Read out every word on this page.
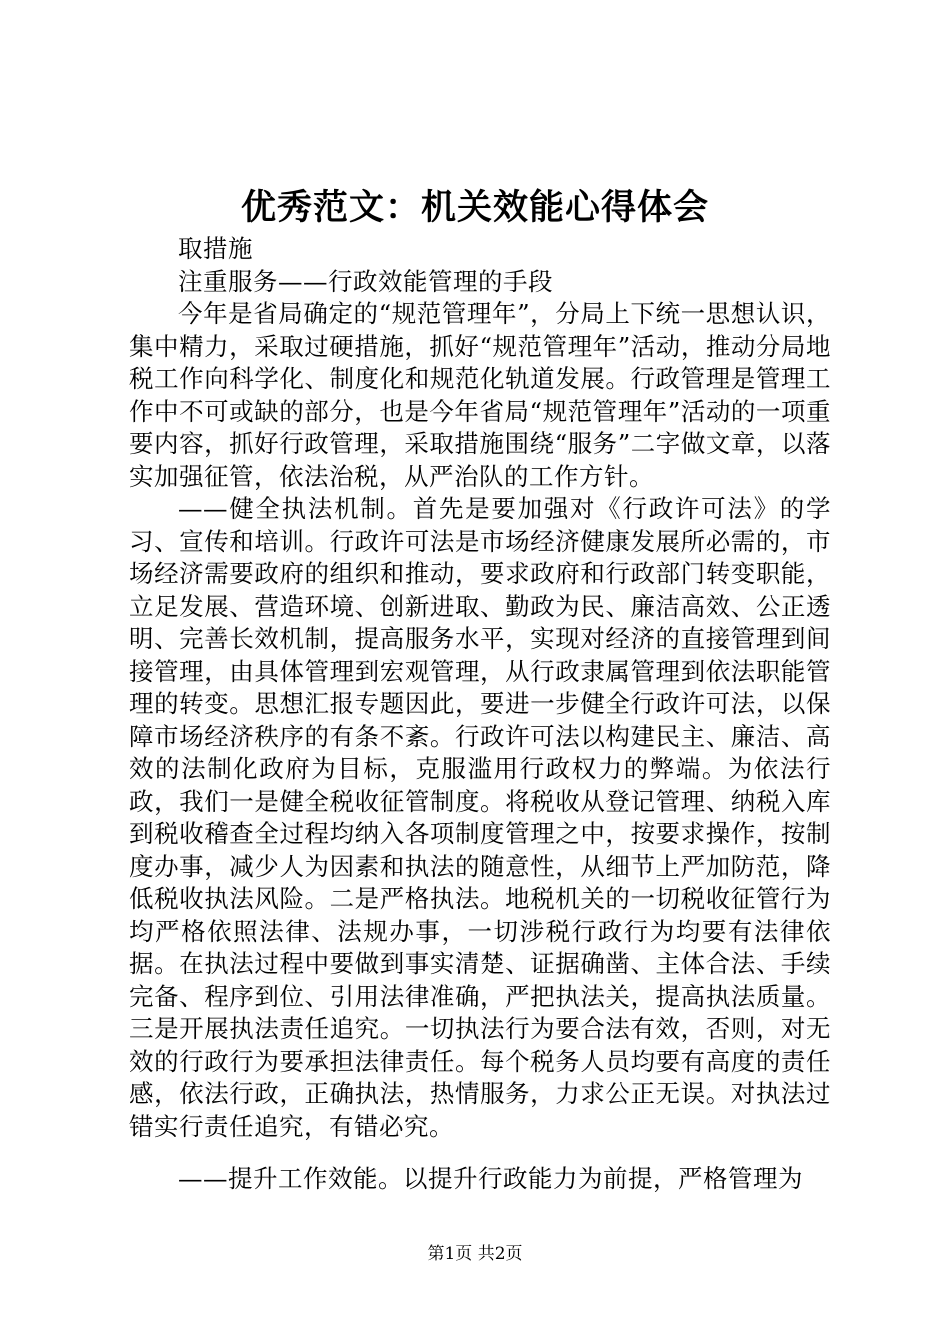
优秀范文：机关效能心得体会

取措施

注重服务——行政效能管理的手段

今年是省局确定的“规范管理年”，分局上下统一思想认识，集中精力，采取过硬措施，抓好“规范管理年”活动，推动分局地税工作向科学化、制度化和规范化轨道发展。行政管理是管理工作中不可或缺的部分，也是今年省局“规范管理年”活动的一项重要内容，抓好行政管理，采取措施围绕“服务”二字做文章，以落实加强征管，依法治税，从严治队的工作方针。

——健全执法机制。首先是要加强对《行政许可法》的学习、宣传和培训。行政许可法是市场经济健康发展所必需的，市场经济需要政府的组织和推动，要求政府和行政部门转变职能，立足发展、营造环境、创新进取、勤政为民、廉洁高效、公正透明、完善长效机制，提高服务水平，实现对经济的直接管理到间接管理，由具体管理到宏观管理，从行政隶属管理到依法职能管理的转变。思想汇报专题因此，要进一步健全行政许可法，以保障市场经济秩序的有条不紊。行政许可法以构建民主、廉洁、高效的法制化政府为目标，克服滥用行政权力的弊端。为依法行政，我们一是健全税收征管制度。将税收从登记管理、纳税入库到税收稽查全过程均纳入各项制度管理之中，按要求操作，按制度办事，减少人为因素和执法的随意性，从细节上严加防范，降低税收执法风险。二是严格执法。地税机关的一切税收征管行为均严格依照法律、法规办事，一切涉税行政行为均要有法律依据。在执法过程中要做到事实清楚、证据确凿、主体合法、手续完备、程序到位、引用法律准确，严把执法关，提高执法质量。三是开展执法责任追究。一切执法行为要合法有效，否则，对无效的行政行为要承担法律责任。每个税务人员均要有高度的责任感，依法行政，正确执法，热情服务，力求公正无误。对执法过错实行责任追究，有错必究。

——提升工作效能。以提升行政能力为前提，严格管理为

第1页 共2页
